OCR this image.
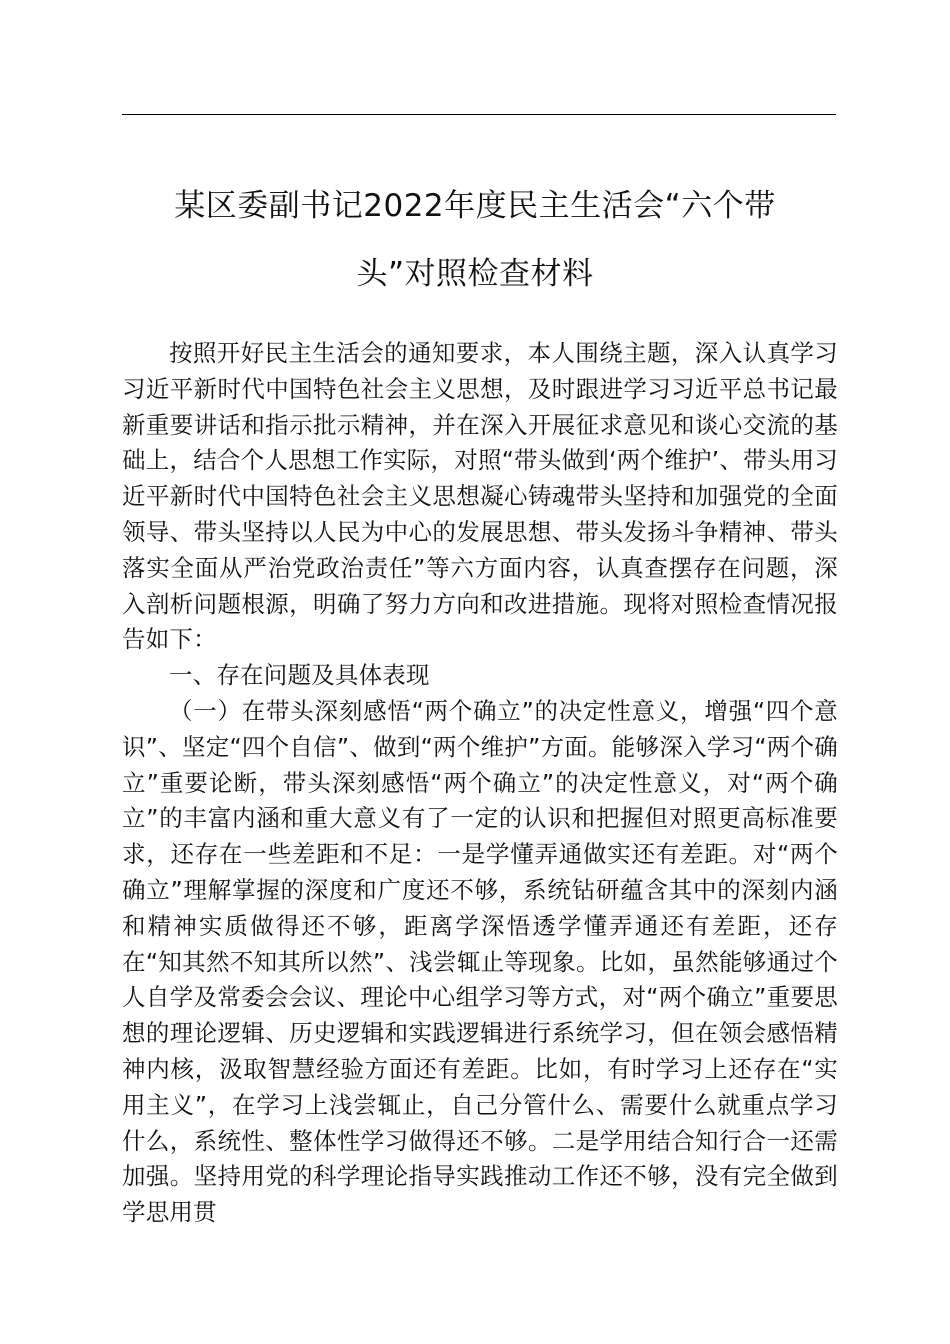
某区委副书记2022年度民主生活会“六个带
头”对照检查材料

按照开好民主生活会的通知要求，本人围绕主题，深入认真学习习近平新时代中国特色社会主义思想，及时跟进学习习近平总书记最新重要讲话和指示批示精神，并在深入开展征求意见和谈心交流的基础上，结合个人思想工作实际，对照“带头做到‘两个维护’、带头用习近平新时代中国特色社会主义思想凝心铸魂带头坚持和加强党的全面领导、带头坚持以人民为中心的发展思想、带头发扬斗争精神、带头落实全面从严治党政治责任”等六方面内容，认真查摆存在问题，深入剖析问题根源，明确了努力方向和改进措施。现将对照检查情况报告如下：

一、存在问题及具体表现

（一）在带头深刻感悟“两个确立”的决定性意义，增强“四个意识”、坚定“四个自信”、做到“两个维护”方面。能够深入学习“两个确立”重要论断，带头深刻感悟“两个确立”的决定性意义，对“两个确立”的丰富内涵和重大意义有了一定的认识和把握但对照更高标准要求，还存在一些差距和不足：一是学懂弄通做实还有差距。对“两个确立”理解掌握的深度和广度还不够，系统钻研蕴含其中的深刻内涵和精神实质做得还不够，距离学深悟透学懂弄通还有差距，还存在“知其然不知其所以然”、浅尝辄止等现象。比如，虽然能够通过个人自学及常委会会议、理论中心组学习等方式，对“两个确立”重要思想的理论逻辑、历史逻辑和实践逻辑进行系统学习，但在领会感悟精神内核，汲取智慧经验方面还有差距。比如，有时学习上还存在“实用主义”，在学习上浅尝辄止，自己分管什么、需要什么就重点学习什么，系统性、整体性学习做得还不够。二是学用结合知行合一还需加强。坚持用党的科学理论指导实践推动工作还不够，没有完全做到学思用贯
